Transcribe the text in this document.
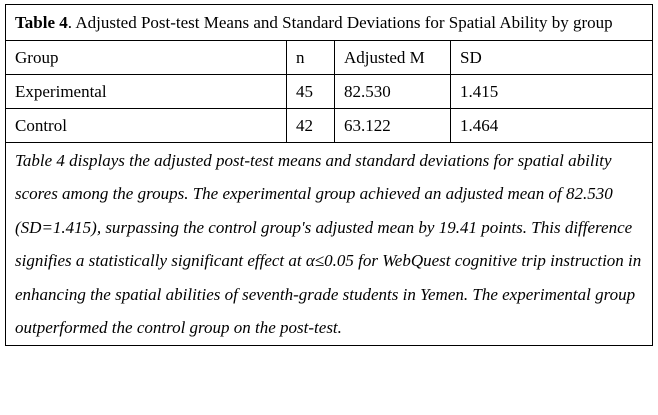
Table 4. Adjusted Post-test Means and Standard Deviations for Spatial Ability by group			
Group	n	Adjusted M	SD
Experimental	45	82.530	1.415
Control	42	63.122	1.464
Table 4 displays the adjusted post-test means and standard deviations for spatial ability scores among the groups. The experimental group achieved an adjusted mean of 82.530 (SD=1.415), surpassing the control group's adjusted mean by 19.41 points. This difference signifies a statistically significant effect at α≤0.05 for WebQuest cognitive trip instruction in enhancing the spatial abilities of seventh-grade students in Yemen. The experimental group outperformed the control group on the post-test.			
